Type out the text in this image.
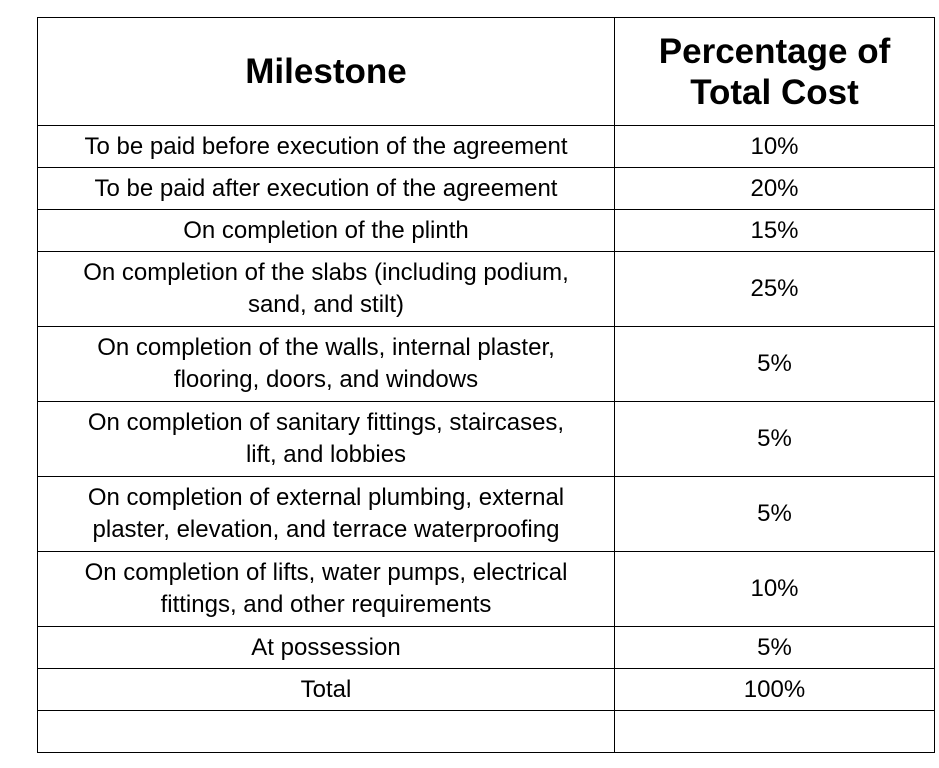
Milestone	Percentage of
Total Cost
To be paid before execution of the agreement	10%
To be paid after execution of the agreement	20%
On completion of the plinth	15%
On completion of the slabs (including podium,
sand, and stilt)	25%
On completion of the walls, internal plaster,
flooring, doors, and windows	5%
On completion of sanitary fittings, staircases,
lift, and lobbies	5%
On completion of external plumbing, external
plaster, elevation, and terrace waterproofing	5%
On completion of lifts, water pumps, electrical
fittings, and other requirements	10%
At possession	5%
Total	100%
